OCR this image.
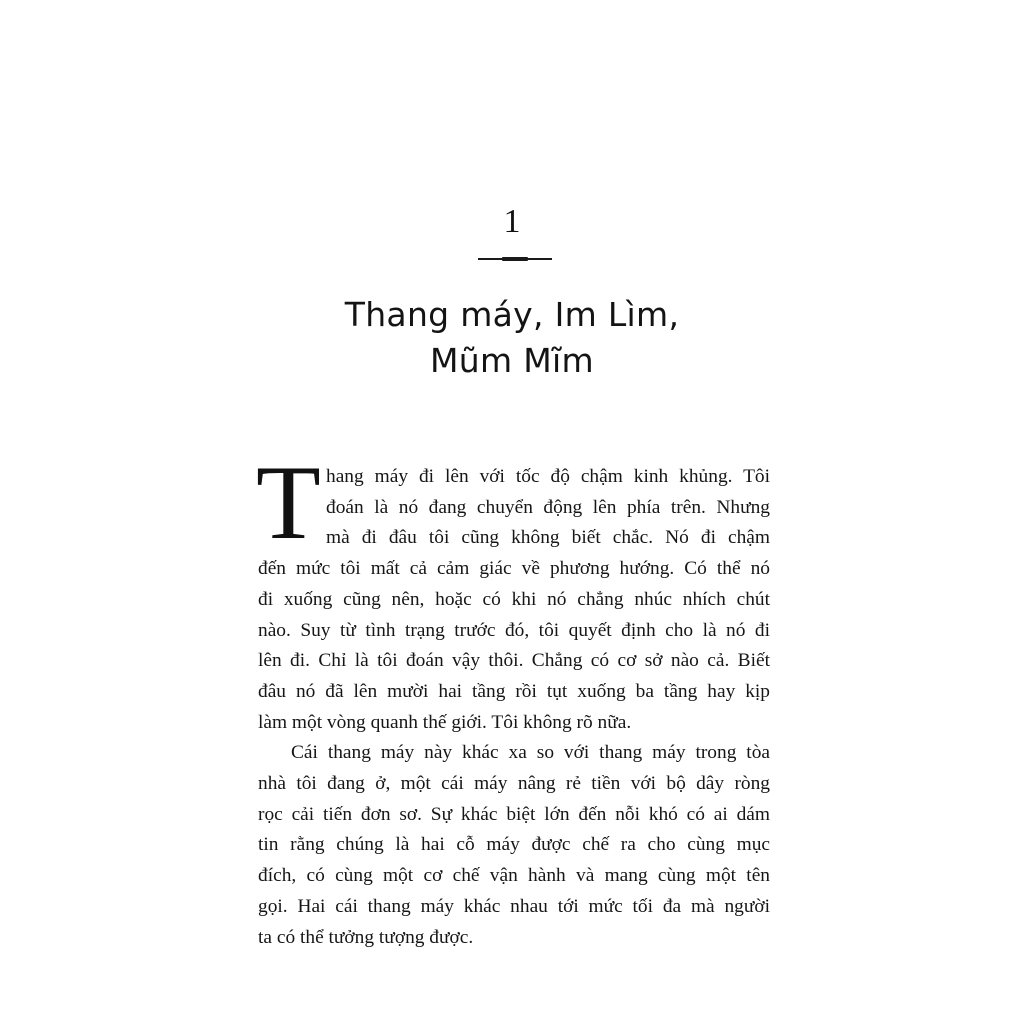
1
Thang máy, Im Lìm,
Mũm Mĩm
T hang máy đi lên với tốc độ chậm kinh khủng. Tôi
đoán là nó đang chuyển động lên phía trên. Nhưng
mà đi đâu tôi cũng không biết chắc. Nó đi chậm
đến mức tôi mất cả cảm giác về phương hướng. Có thể nó
đi xuống cũng nên, hoặc có khi nó chẳng nhúc nhích chút
nào. Suy từ tình trạng trước đó, tôi quyết định cho là nó đi
lên đi. Chỉ là tôi đoán vậy thôi. Chẳng có cơ sở nào cả. Biết
đâu nó đã lên mười hai tầng rồi tụt xuống ba tầng hay kịp
làm một vòng quanh thế giới. Tôi không rõ nữa.
Cái thang máy này khác xa so với thang máy trong tòa
nhà tôi đang ở, một cái máy nâng rẻ tiền với bộ dây ròng
rọc cải tiến đơn sơ. Sự khác biệt lớn đến nỗi khó có ai dám
tin rằng chúng là hai cỗ máy được chế ra cho cùng mục
đích, có cùng một cơ chế vận hành và mang cùng một tên
gọi. Hai cái thang máy khác nhau tới mức tối đa mà người
ta có thể tưởng tượng được.
